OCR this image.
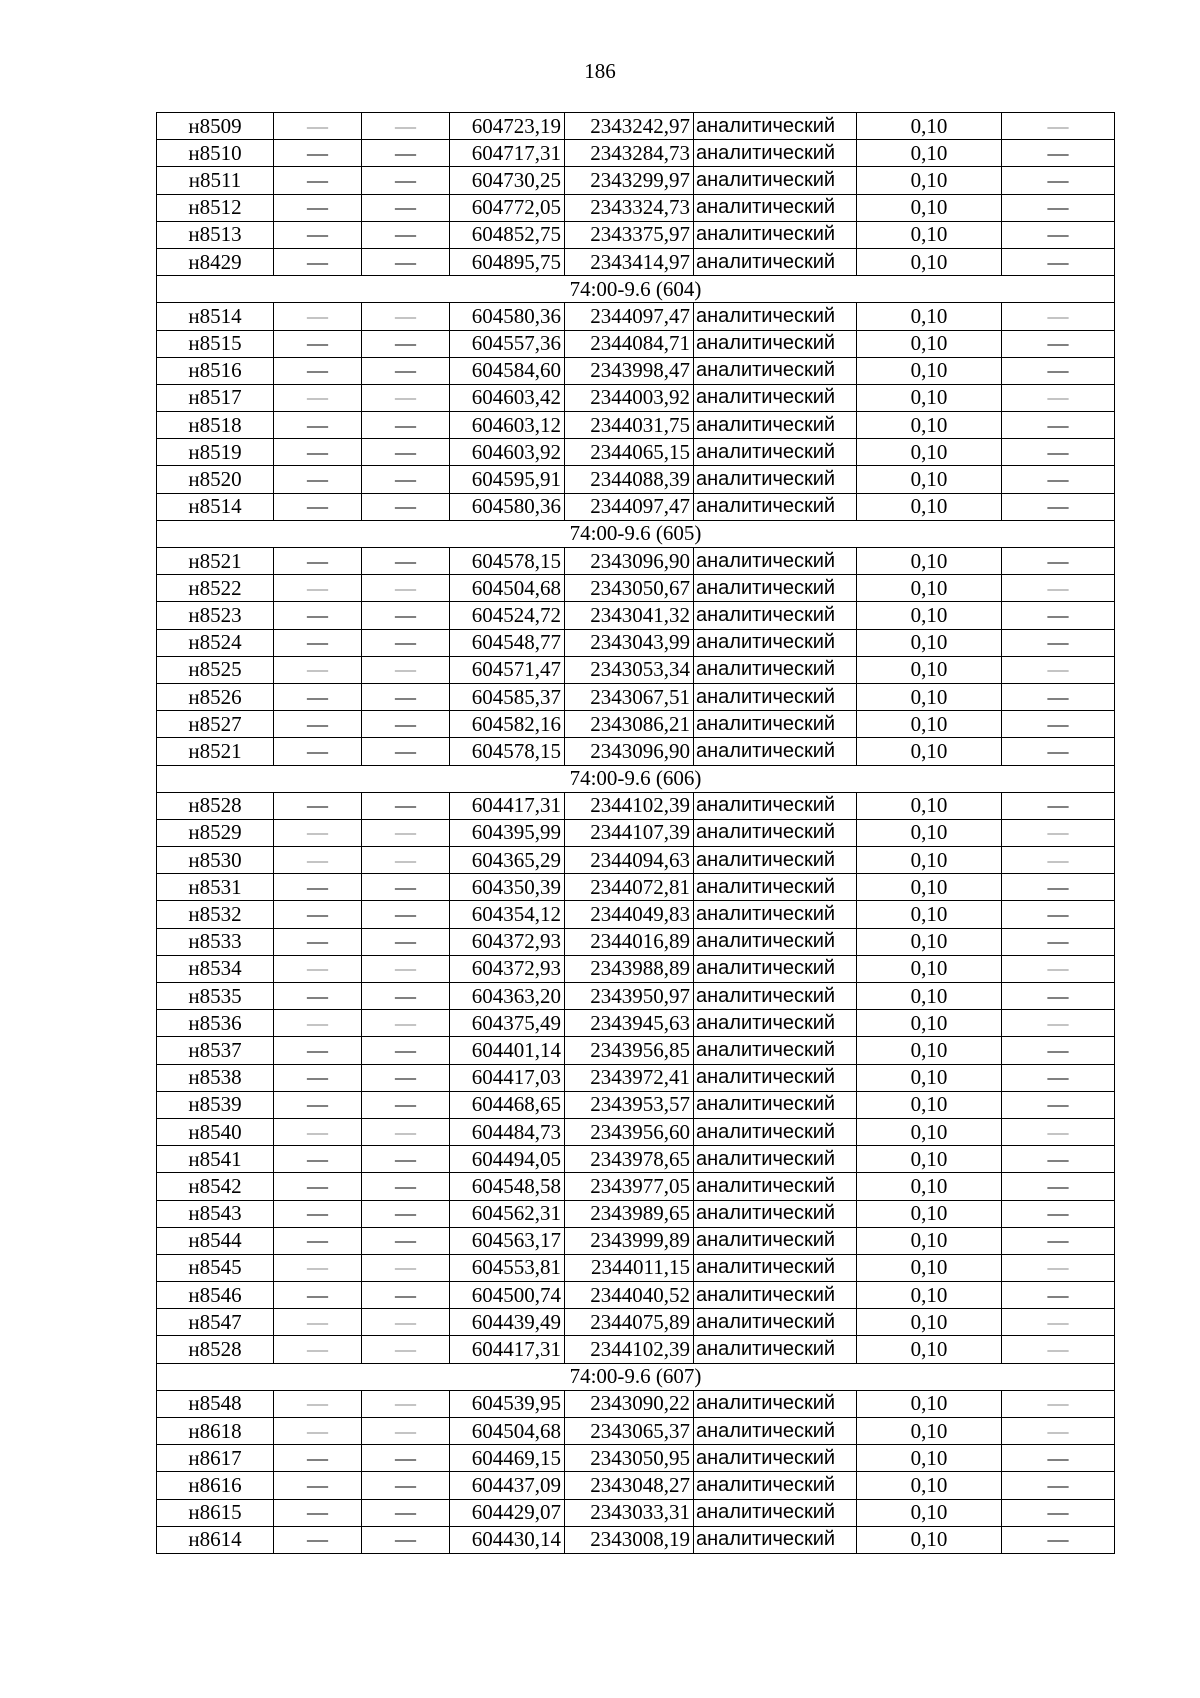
186
н8509	—	—	604723,19	2343242,97	аналитический	0,10	—
н8510	—	—	604717,31	2343284,73	аналитический	0,10	—
н8511	—	—	604730,25	2343299,97	аналитический	0,10	—
н8512	—	—	604772,05	2343324,73	аналитический	0,10	—
н8513	—	—	604852,75	2343375,97	аналитический	0,10	—
н8429	—	—	604895,75	2343414,97	аналитический	0,10	—
74:00-9.6 (604)							
н8514	—	—	604580,36	2344097,47	аналитический	0,10	—
н8515	—	—	604557,36	2344084,71	аналитический	0,10	—
н8516	—	—	604584,60	2343998,47	аналитический	0,10	—
н8517	—	—	604603,42	2344003,92	аналитический	0,10	—
н8518	—	—	604603,12	2344031,75	аналитический	0,10	—
н8519	—	—	604603,92	2344065,15	аналитический	0,10	—
н8520	—	—	604595,91	2344088,39	аналитический	0,10	—
н8514	—	—	604580,36	2344097,47	аналитический	0,10	—
74:00-9.6 (605)							
н8521	—	—	604578,15	2343096,90	аналитический	0,10	—
н8522	—	—	604504,68	2343050,67	аналитический	0,10	—
н8523	—	—	604524,72	2343041,32	аналитический	0,10	—
н8524	—	—	604548,77	2343043,99	аналитический	0,10	—
н8525	—	—	604571,47	2343053,34	аналитический	0,10	—
н8526	—	—	604585,37	2343067,51	аналитический	0,10	—
н8527	—	—	604582,16	2343086,21	аналитический	0,10	—
н8521	—	—	604578,15	2343096,90	аналитический	0,10	—
74:00-9.6 (606)							
н8528	—	—	604417,31	2344102,39	аналитический	0,10	—
н8529	—	—	604395,99	2344107,39	аналитический	0,10	—
н8530	—	—	604365,29	2344094,63	аналитический	0,10	—
н8531	—	—	604350,39	2344072,81	аналитический	0,10	—
н8532	—	—	604354,12	2344049,83	аналитический	0,10	—
н8533	—	—	604372,93	2344016,89	аналитический	0,10	—
н8534	—	—	604372,93	2343988,89	аналитический	0,10	—
н8535	—	—	604363,20	2343950,97	аналитический	0,10	—
н8536	—	—	604375,49	2343945,63	аналитический	0,10	—
н8537	—	—	604401,14	2343956,85	аналитический	0,10	—
н8538	—	—	604417,03	2343972,41	аналитический	0,10	—
н8539	—	—	604468,65	2343953,57	аналитический	0,10	—
н8540	—	—	604484,73	2343956,60	аналитический	0,10	—
н8541	—	—	604494,05	2343978,65	аналитический	0,10	—
н8542	—	—	604548,58	2343977,05	аналитический	0,10	—
н8543	—	—	604562,31	2343989,65	аналитический	0,10	—
н8544	—	—	604563,17	2343999,89	аналитический	0,10	—
н8545	—	—	604553,81	2344011,15	аналитический	0,10	—
н8546	—	—	604500,74	2344040,52	аналитический	0,10	—
н8547	—	—	604439,49	2344075,89	аналитический	0,10	—
н8528	—	—	604417,31	2344102,39	аналитический	0,10	—
74:00-9.6 (607)							
н8548	—	—	604539,95	2343090,22	аналитический	0,10	—
н8618	—	—	604504,68	2343065,37	аналитический	0,10	—
н8617	—	—	604469,15	2343050,95	аналитический	0,10	—
н8616	—	—	604437,09	2343048,27	аналитический	0,10	—
н8615	—	—	604429,07	2343033,31	аналитический	0,10	—
н8614	—	—	604430,14	2343008,19	аналитический	0,10	—
